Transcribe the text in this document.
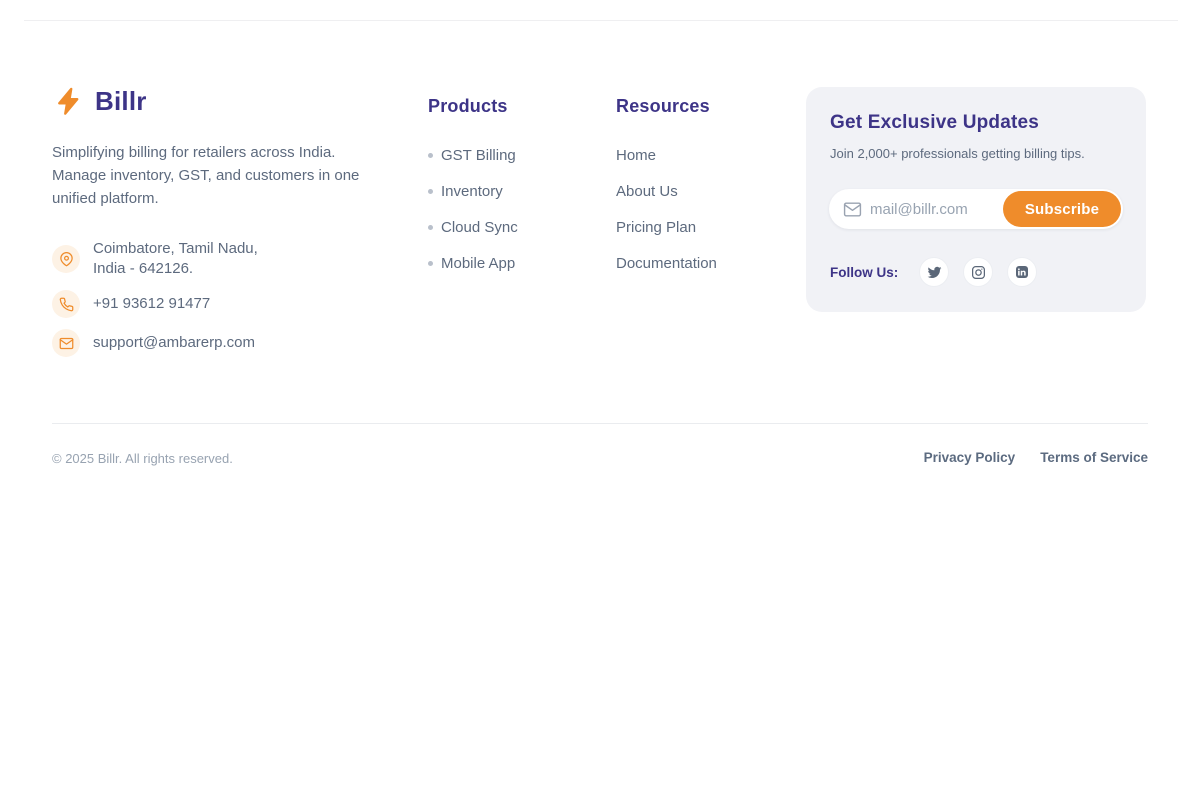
Billr

Simplifying billing for retailers across India. Manage inventory, GST, and customers in one unified platform.

Coimbatore, Tamil Nadu,
India - 642126.
+91 93612 91477
support@ambarerp.com
Products
GST Billing
Inventory
Cloud Sync
Mobile App
Resources
Home
About Us
Pricing Plan
Documentation
Get Exclusive Updates

Join 2,000+ professionals getting billing tips.

mail@billr.com
Subscribe
Follow Us:
© 2025 Billr. All rights reserved.	Privacy Policy Terms of Service
